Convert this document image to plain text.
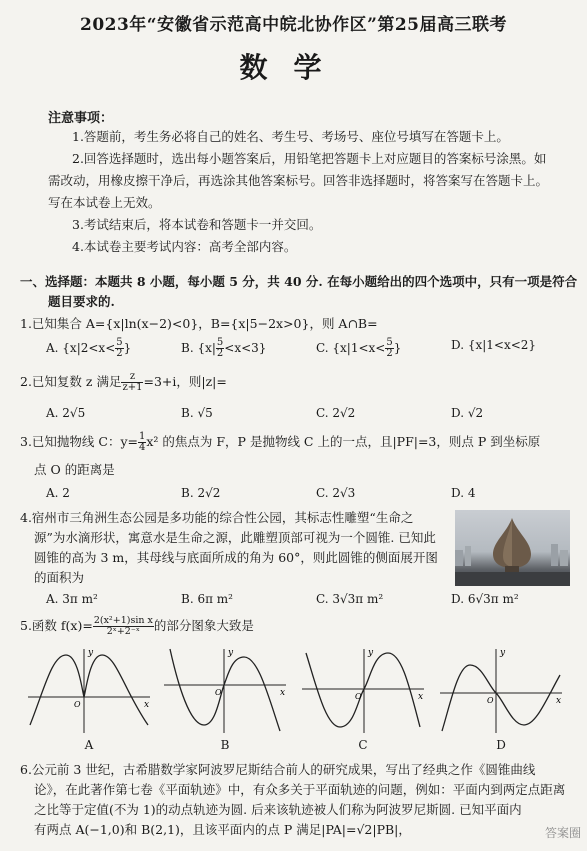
2023年“安徽省示范高中皖北协作区”第25届高三联考
数学
注意事项：

1.答题前，考生务必将自己的姓名、考生号、考场号、座位号填写在答题卡上。

2.回答选择题时，选出每小题答案后，用铅笔把答题卡上对应题目的答案标号涂黑。如需改动，用橡皮擦干净后，再选涂其他答案标号。回答非选择题时，将答案写在答题卡上。写在本试卷上无效。

3.考试结束后，将本试卷和答题卡一并交回。

4.本试卷主要考试内容：高考全部内容。

一、选择题：本题共 8 小题，每小题 5 分，共 40 分. 在每小题给出的四个选项中，只有一项是符合
题目要求的.
1.已知集合 A={x|ln(x−2)<0}，B={x|5−2x>0}，则 A∩B=
A. {$x|2<x< \frac{5}{2}$ }	B. $\{x| \frac{5}{2} <x<3\}$	C. {$x|1<x< \frac{5}{2}$ }	D. {x|1<x<2}
2.已知复数 z 满足 $\frac{z}{z+1} =3+i$，则|z|=
A. 2√5	B. √5	C. 2√2	D. √2
3.已知抛物线 C：$y= \frac{1}{4} x^2$ 的焦点为 F，P 是抛物线 C 上的一点，且|PF|=3，则点 P 到坐标原
点 O 的距离是
A. 2	B. 2√2	C. 2√3	D. 4
4.宿州市三角洲生态公园是多功能的综合性公园，其标志性雕塑“生命之
源”为水滴形状，寓意水是生命之源，此雕塑顶部可视为一个圆锥. 已知此
圆锥的高为 3 m，其母线与底面所成的角为 60°，则此圆锥的侧面展开图
的面积为
A. 3π m²	B. 6π m²	C. 3√3π m²	D. 6√3π m²
5.函数 $f(x)= \frac{\text{2(x²+1)sin x}}{\text{2ˣ+2⁻ˣ}}$ 的部分图象大致是
y
x
O
y
x
O
y
x
O
y
x
O
A	B	C	D
6.公元前 3 世纪，古希腊数学家阿波罗尼斯结合前人的研究成果，写出了经典之作《圆锥曲线
论》，在此著作第七卷《平面轨迹》中，有众多关于平面轨迹的问题，例如：平面内到两定点距离
之比等于定值(不为 1)的动点轨迹为圆. 后来该轨迹被人们称为阿波罗尼斯圆. 已知平面内
有两点 A(−1,0)和 B(2,1)，且该平面内的点 P 满足|PA|=√2|PB|，	答案圈
